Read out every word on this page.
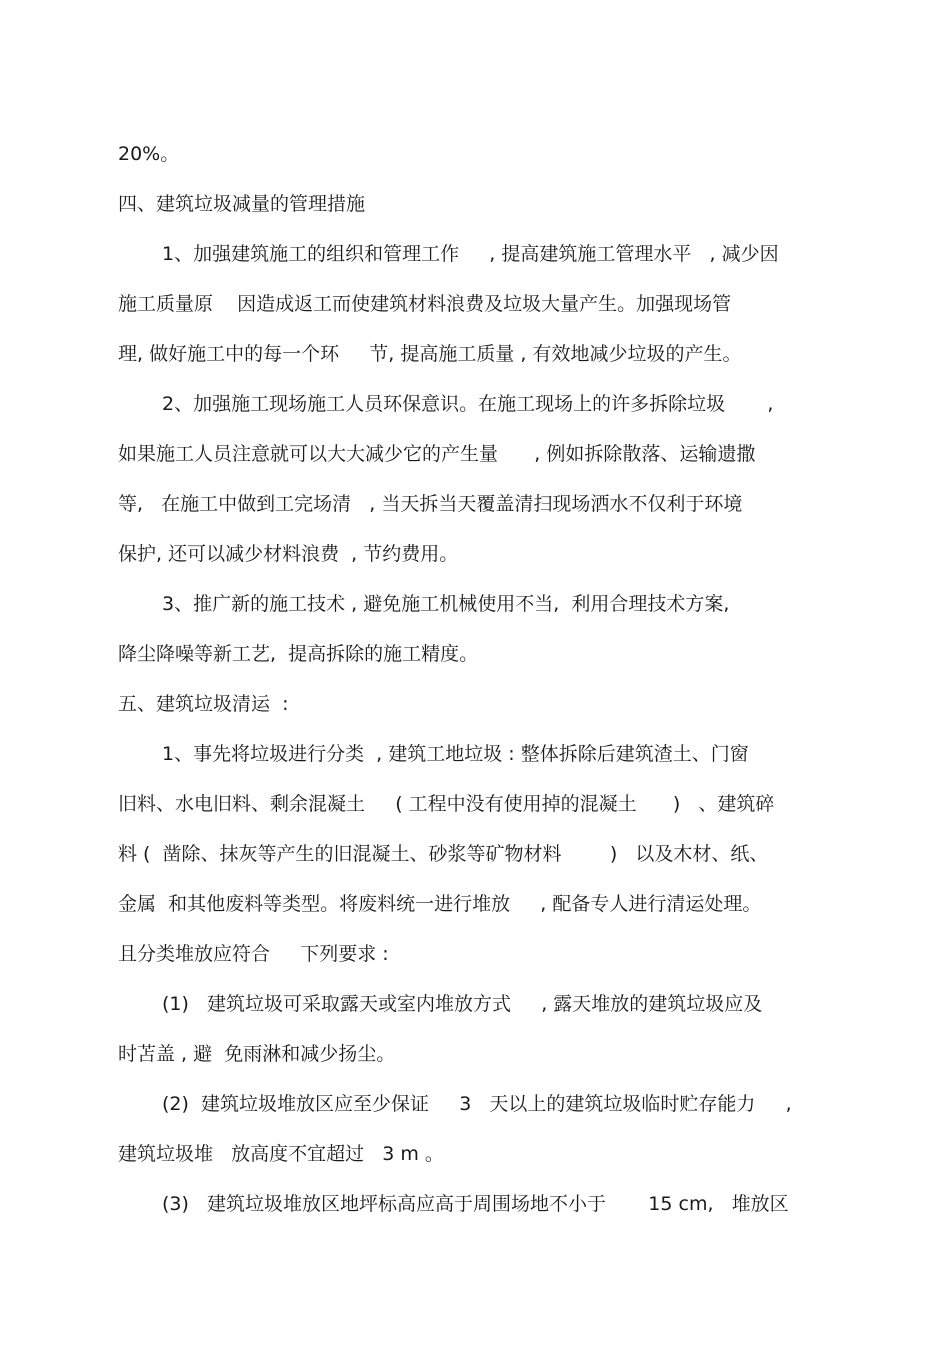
20%。
四、建筑垃圾减量的管理措施
1、加强建筑施工的组织和管理工作     , 提高建筑施工管理水平   , 减少因
施工质量原    因造成返工而使建筑材料浪费及垃圾大量产生。加强现场管
理, 做好施工中的每一个环     节, 提高施工质量 , 有效地减少垃圾的产生。
2、加强施工现场施工人员环保意识。在施工现场上的许多拆除垃圾       ,
如果施工人员注意就可以大大减少它的产生量      , 例如拆除散落、运输遗撒
等,   在施工中做到工完场清   , 当天拆当天覆盖清扫现场洒水不仅利于环境
保护, 还可以减少材料浪费  , 节约费用。
3、推广新的施工技术 , 避免施工机械使用不当,  利用合理技术方案,
降尘降噪等新工艺,  提高拆除的施工精度。
五、建筑垃圾清运  :
1、事先将垃圾进行分类  , 建筑工地垃圾 : 整体拆除后建筑渣土、门窗
旧料、水电旧料、剩余混凝土     ( 工程中没有使用掉的混凝土      )   、建筑碎
料 (  凿除、抹灰等产生的旧混凝土、砂浆等矿物材料        )   以及木材、纸、
金属  和其他废料等类型。将废料统一进行堆放     , 配备专人进行清运处理。
且分类堆放应符合     下列要求 :
(1)   建筑垃圾可采取露天或室内堆放方式     , 露天堆放的建筑垃圾应及
时苫盖 , 避  免雨淋和减少扬尘。
(2)  建筑垃圾堆放区应至少保证     3   天以上的建筑垃圾临时贮存能力     ,
建筑垃圾堆   放高度不宜超过   3 m 。
(3)   建筑垃圾堆放区地坪标高应高于周围场地不小于       15 cm,   堆放区
